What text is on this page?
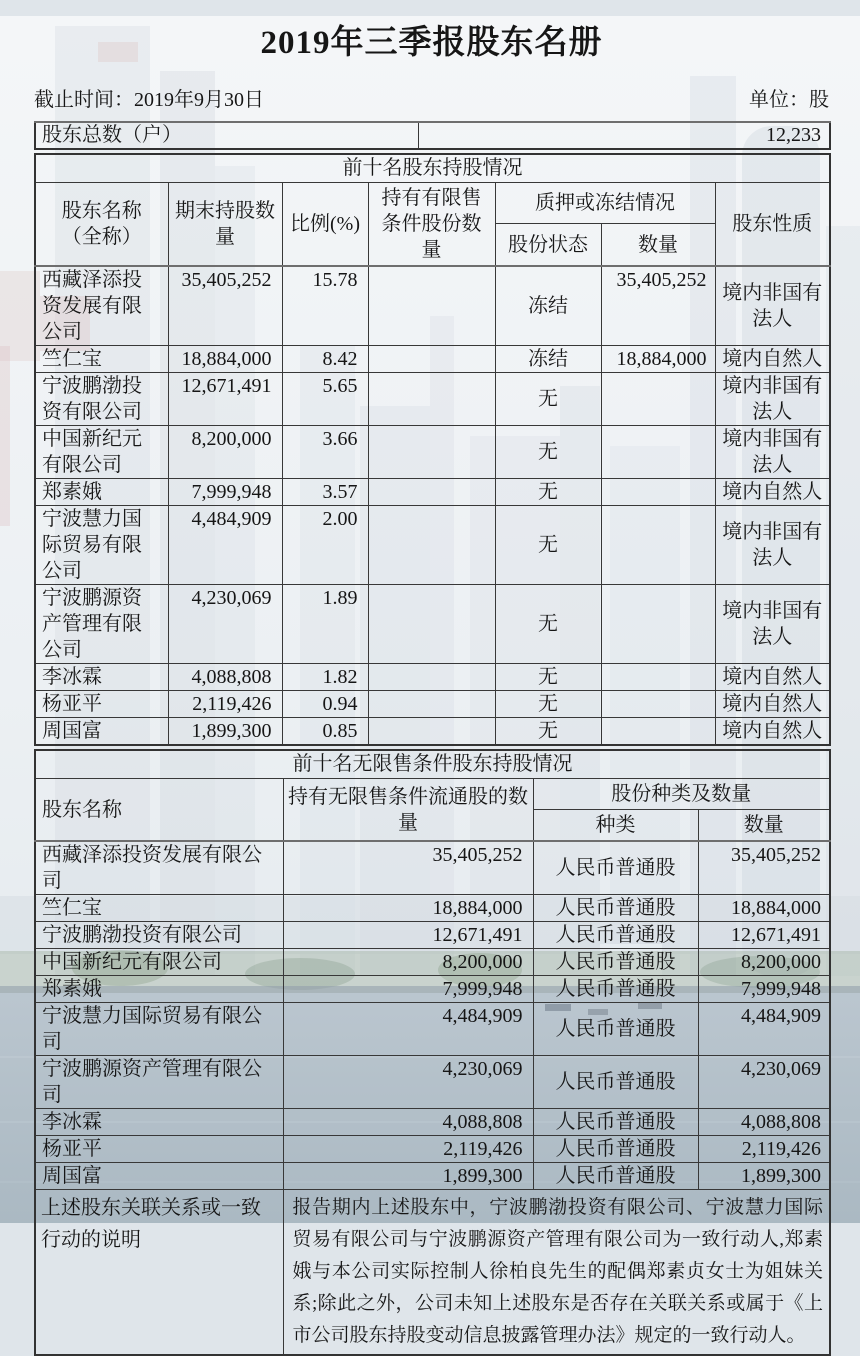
2019年三季报股东名册
截止时间：2019年9月30日	单位：股
股东总数（户）	12,233
前十名股东持股情况						

股东名称
（全称）	期末持股数量	比例(%)	持有有限售条件股份数量	质押或冻结情况		股东性质
				股份状态	数量	
西藏泽添投资发展有限公司	35,405,252	15.78		冻结	35,405,252	境内非国有法人
竺仁宝	18,884,000	8.42		冻结	18,884,000	境内自然人
宁波鹏渤投资有限公司	12,671,491	5.65		无		境内非国有法人
中国新纪元有限公司	8,200,000	3.66		无		境内非国有法人
郑素娥	7,999,948	3.57		无		境内自然人
宁波慧力国际贸易有限公司	4,484,909	2.00		无		境内非国有法人
宁波鹏源资产管理有限公司	4,230,069	1.89		无		境内非国有法人
李冰霖	4,088,808	1.82		无		境内自然人
杨亚平	2,119,426	0.94		无		境内自然人
周国富	1,899,300	0.85		无		境内自然人
前十名无限售条件股东持股情况			
股东名称	持有无限售条件流通股的数量	股份种类及数量	
		种类	数量
西藏泽添投资发展有限公司	35,405,252	人民币普通股	35,405,252
竺仁宝	18,884,000	人民币普通股	18,884,000
宁波鹏渤投资有限公司	12,671,491	人民币普通股	12,671,491
中国新纪元有限公司	8,200,000	人民币普通股	8,200,000
郑素娥	7,999,948	人民币普通股	7,999,948
宁波慧力国际贸易有限公司	4,484,909	人民币普通股	4,484,909
宁波鹏源资产管理有限公司	4,230,069	人民币普通股	4,230,069
李冰霖	4,088,808	人民币普通股	4,088,808
杨亚平	2,119,426	人民币普通股	2,119,426
周国富	1,899,300	人民币普通股	1,899,300
上述股东关联关系或一致行动的说明	报告期内上述股东中，宁波鹏渤投资有限公司、宁波慧力国际贸易有限公司与宁波鹏源资产管理有限公司为一致行动人,郑素娥与本公司实际控制人徐柏良先生的配偶郑素贞女士为姐妹关系;除此之外，公司未知上述股东是否存在关联关系或属于《上市公司股东持股变动信息披露管理办法》规定的一致行动人。		
